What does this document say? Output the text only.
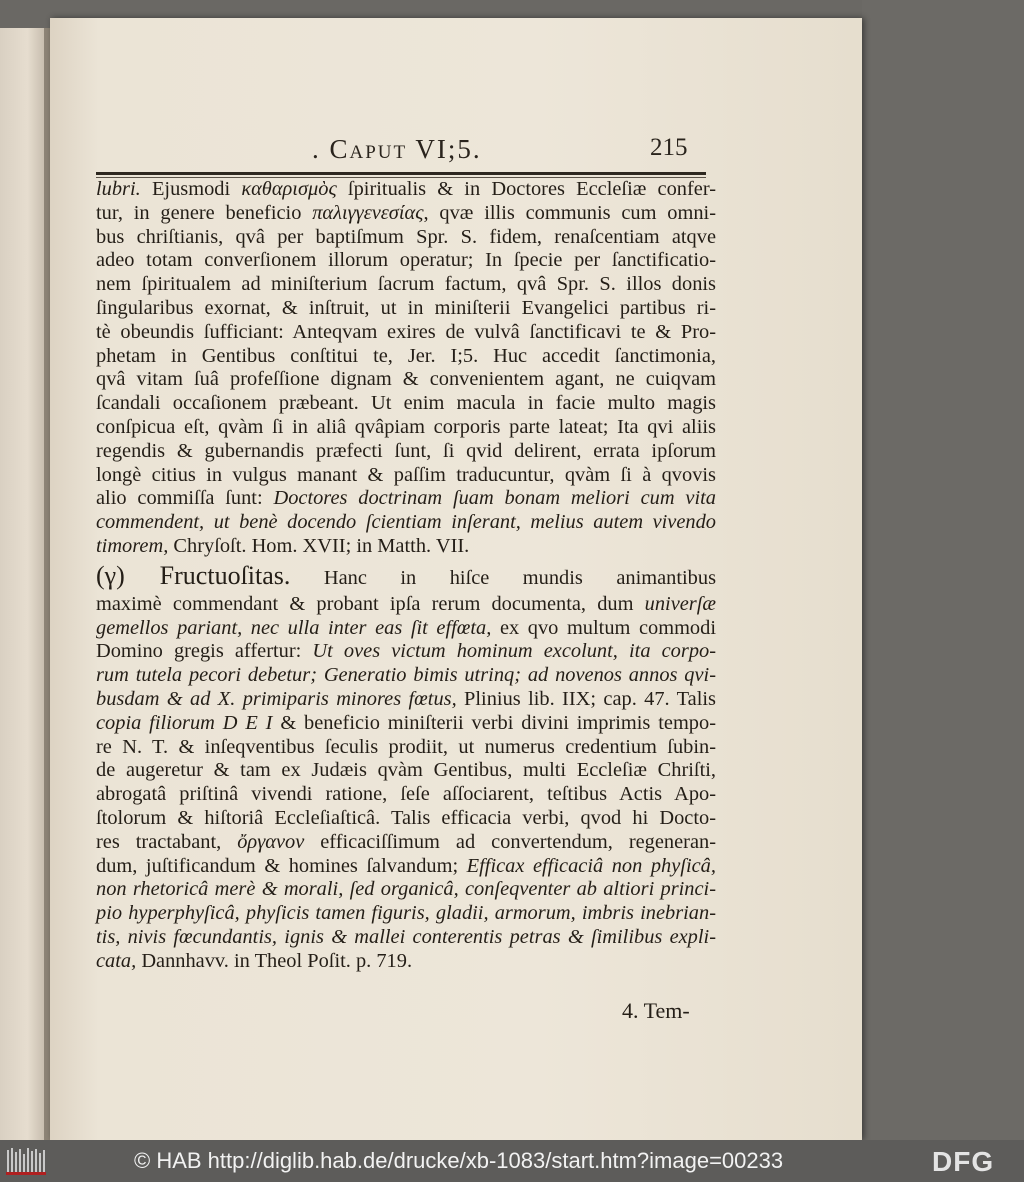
. Caput VI;5.	215
lubri. Ejusmodi καθαρισμὸς ſpiritualis & in Doctores Eccleſiæ confer-
tur, in genere beneficio παλιγγενεσίας, qvæ illis communis cum omni-
bus chriſtianis, qvâ per baptiſmum Spr. S. fidem, renaſcentiam atqve
adeo totam converſionem illorum operatur; In ſpecie per ſanctificatio-
nem ſpiritualem ad miniſterium ſacrum factum, qvâ Spr. S. illos donis
ſingularibus exornat, & inſtruit, ut in miniſterii Evangelici partibus ri-
tè obeundis ſufficiant: Anteqvam exires de vulvâ ſanctificavi te & Pro-
phetam in Gentibus conſtitui te, Jer. I;5. Huc accedit ſanctimonia,
qvâ vitam ſuâ profeſſione dignam & convenientem agant, ne cuiqvam
ſcandali occaſionem præbeant. Ut enim macula in facie multo magis
conſpicua eſt, qvàm ſi in aliâ qvâpiam corporis parte lateat; Ita qvi aliis
regendis & gubernandis præfecti ſunt, ſi qvid delirent, errata ipſorum
longè citius in vulgus manant & paſſim traducuntur, qvàm ſi à qvovis
alio commiſſa ſunt: Doctores doctrinam ſuam bonam meliori cum vita
commendent, ut benè docendo ſcientiam inſerant, melius autem vivendo
timorem, Chryſoſt. Hom. XVII; in Matth. VII.
(γ) Fructuoſitas. Hanc in hiſce mundis animantibus
maximè commendant & probant ipſa rerum documenta, dum univerſæ
gemellos pariant, nec ulla inter eas ſit effœta, ex qvo multum commodi
Domino gregis affertur: Ut oves victum hominum excolunt, ita corpo-
rum tutela pecori debetur; Generatio bimis utrinq; ad novenos annos qvi-
busdam & ad X. primiparis minores fœtus, Plinius lib. IIX; cap. 47. Talis
copia filiorum D E I & beneficio miniſterii verbi divini imprimis tempo-
re N. T. & inſeqventibus ſeculis prodiit, ut numerus credentium ſubin-
de augeretur & tam ex Judæis qvàm Gentibus, multi Eccleſiæ Chriſti,
abrogatâ priſtinâ vivendi ratione, ſeſe aſſociarent, teſtibus Actis Apo-
ſtolorum & hiſtoriâ Eccleſiaſticâ. Talis efficacia verbi, qvod hi Docto-
res tractabant, ὄργανον efficaciſſimum ad convertendum, regeneran-
dum, juſtificandum & homines ſalvandum; Efficax efficaciâ non phyſicâ,
non rhetoricâ merè & morali, ſed organicâ, conſeqventer ab altiori princi-
pio hyperphyſicâ, phyſicis tamen figuris, gladii, armorum, imbris inebrian-
tis, nivis fœcundantis, ignis & mallei conterentis petras & ſimilibus expli-
cata, Dannhavv. in Theol Poſit. p. 719.
4. Tem-
© HAB http://diglib.hab.de/drucke/xb-1083/start.htm?image=00233	DFG
